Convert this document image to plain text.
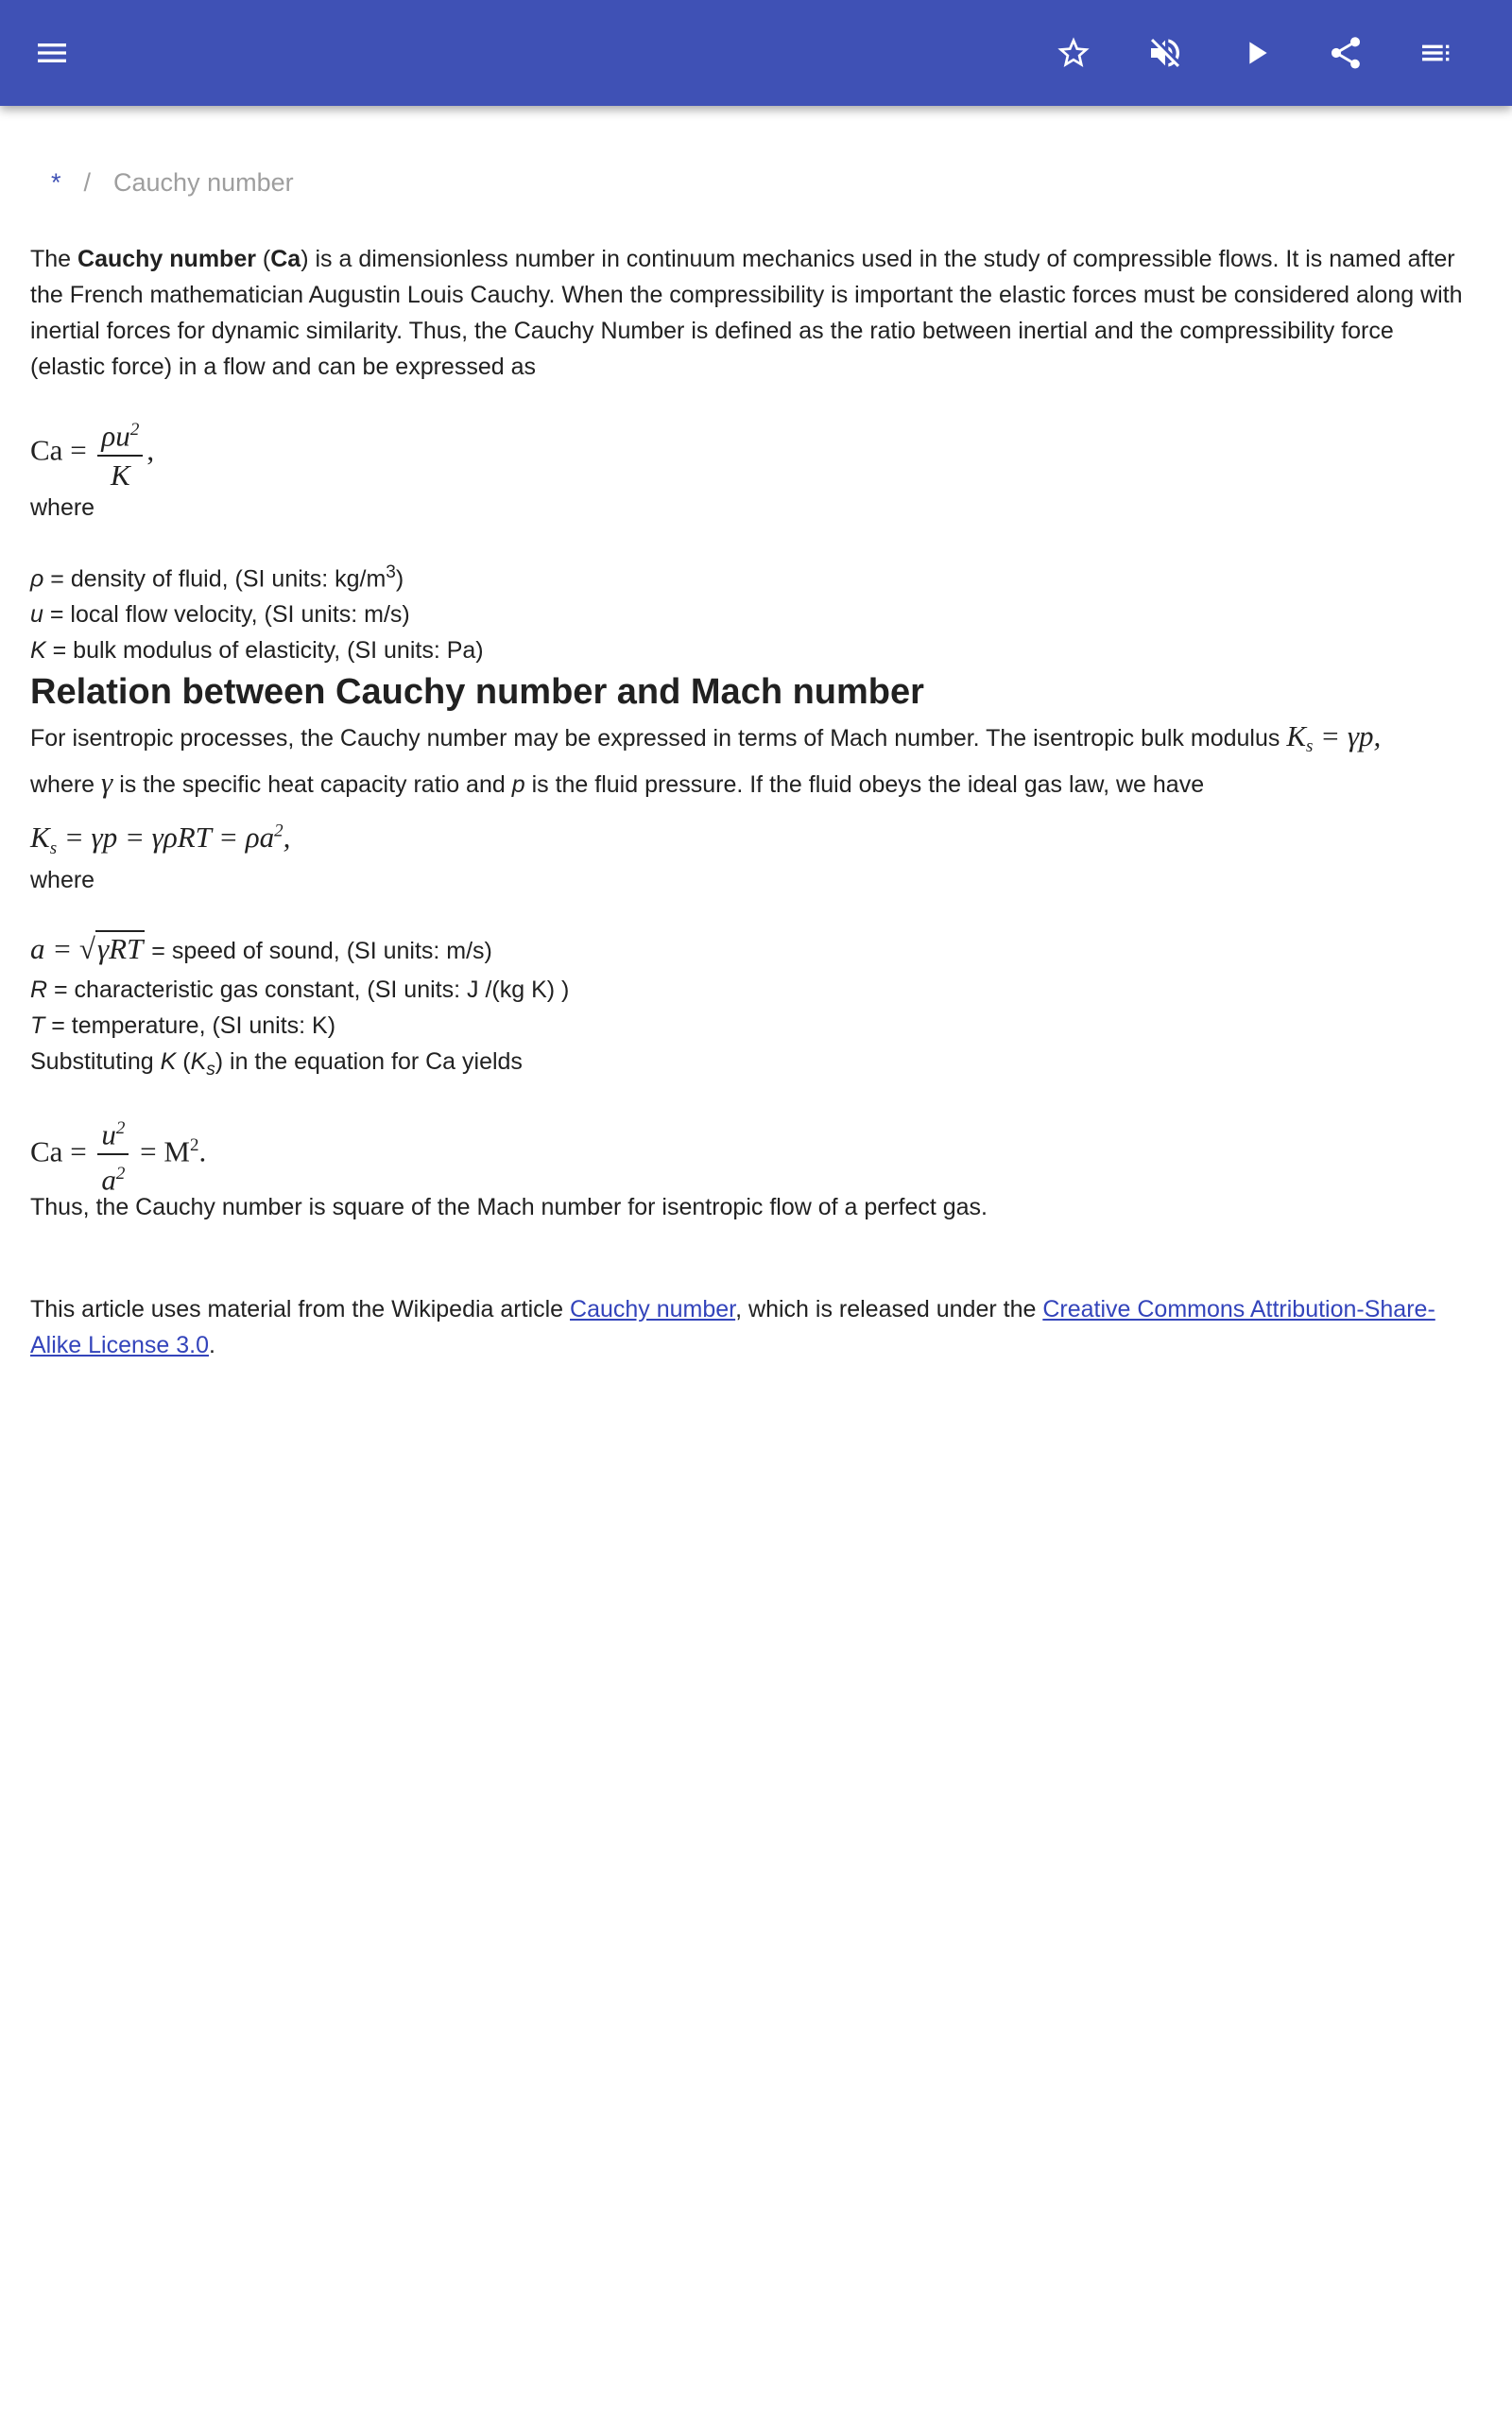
* / Cauchy number
The Cauchy number (Ca) is a dimensionless number in continuum mechanics used in the study of compressible flows. It is named after the French mathematician Augustin Louis Cauchy. When the compressibility is important the elastic forces must be considered along with inertial forces for dynamic similarity. Thus, the Cauchy Number is defined as the ratio between inertial and the compressibility force (elastic force) in a flow and can be expressed as
$Ca = \frac{\rho u^2}{K}$ ,
where
ρ = density of fluid, (SI units: $kg/m^3$)
u = local flow velocity, (SI units: m/s)
K = bulk modulus of elasticity, (SI units: Pa)
Relation between Cauchy number and Mach number
For isentropic processes, the Cauchy number may be expressed in terms of Mach number. The isentropic bulk modulus $K_s = \gamma p$,
where γ is the specific heat capacity ratio and p is the fluid pressure. If the fluid obeys the ideal gas law, we have
$K_s = \gamma p = \gamma\rho RT = \rho a^2$,
where
a = √γRT = speed of sound, (SI units: m/s)
R = characteristic gas constant, (SI units: J /(kg K) )
T = temperature, (SI units: K)
Substituting K $(K_s)$ in the equation for Ca yields
$Ca = \frac{u^2}{a^2} = M^2$.
Thus, the Cauchy number is square of the Mach number for isentropic flow of a perfect gas.
This article uses material from the Wikipedia article Cauchy number, which is released under the Creative Commons Attribution-Share-Alike License 3.0.
